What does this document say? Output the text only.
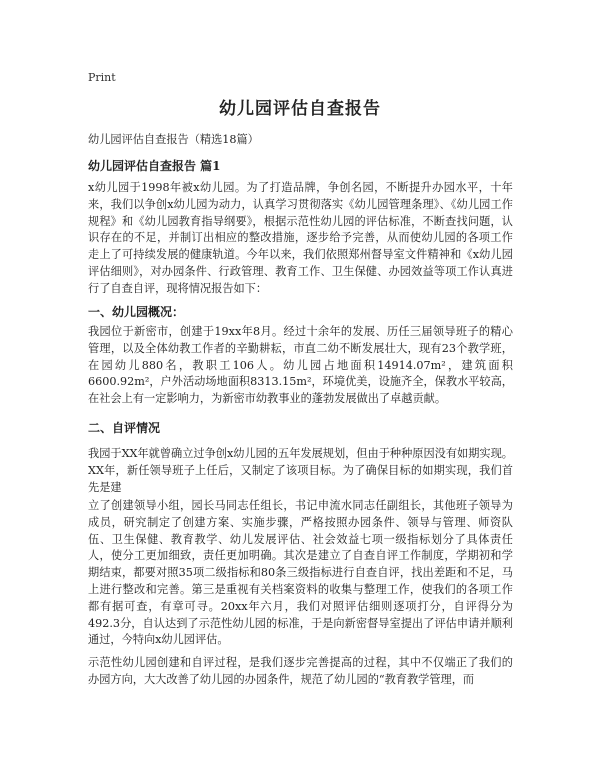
Print
幼儿园评估自查报告
幼儿园评估自查报告（精选18篇）
幼儿园评估自查报告 篇1

x幼儿园于1998年被x幼儿园。为了打造品牌，争创名园，不断提升办园水平，十年来，我们以争创x幼儿园为动力，认真学习贯彻落实《幼儿园管理条理》、《幼儿园工作规程》和《幼儿园教育指导纲要》，根据示范性幼儿园的评估标准，不断查找问题，认识存在的不足，并制订出相应的整改措施，逐步给予完善，从而使幼儿园的各项工作走上了可持续发展的健康轨道。今年以来，我们依照郑州督导室文件精神和《x幼儿园评估细则》，对办园条件、行政管理、教育工作、卫生保健、办园效益等项工作认真进行了自查自评，现将情况报告如下：

一、幼儿园概况：

我园位于新密市，创建于19xx年8月。经过十余年的发展、历任三届领导班子的精心管理，以及全体幼教工作者的辛勤耕耘，市直二幼不断发展壮大，现有23个教学班，在园幼儿880名，教职工106人。幼儿园占地面积14914.07m²，建筑面积6600.92m²，户外活动场地面积8313.15m²，环境优美，设施齐全，保教水平较高，在社会上有一定影响力，为新密市幼教事业的蓬勃发展做出了卓越贡献。

二、自评情况

我园于XX年就曾确立过争创x幼儿园的五年发展规划，但由于种种原因没有如期实现。XX年，新任领导班子上任后，又制定了该项目标。为了确保目标的如期实现，我们首先是建

立了创建领导小组，园长马同志任组长，书记申流水同志任副组长，其他班子领导为成员，研究制定了创建方案、实施步骤，严格按照办园条件、领导与管理、师资队伍、卫生保健、教育教学、幼儿发展评估、社会效益七项一级指标划分了具体责任人，使分工更加细致，责任更加明确。其次是建立了自查自评工作制度，学期初和学期结束，都要对照35项二级指标和80条三级指标进行自查自评，找出差距和不足，马上进行整改和完善。第三是重视有关档案资料的收集与整理工作，使我们的各项工作都有据可查，有章可寻。20xx年六月，我们对照评估细则逐项打分，自评得分为492.3分，自认达到了示范性幼儿园的标准，于是向新密督导室提出了评估申请并顺利通过，今特向x幼儿园评估。

示范性幼儿园创建和自评过程，是我们逐步完善提高的过程，其中不仅端正了我们的办园方向，大大改善了幼儿园的办园条件，规范了幼儿园的“教育教学管理，而
